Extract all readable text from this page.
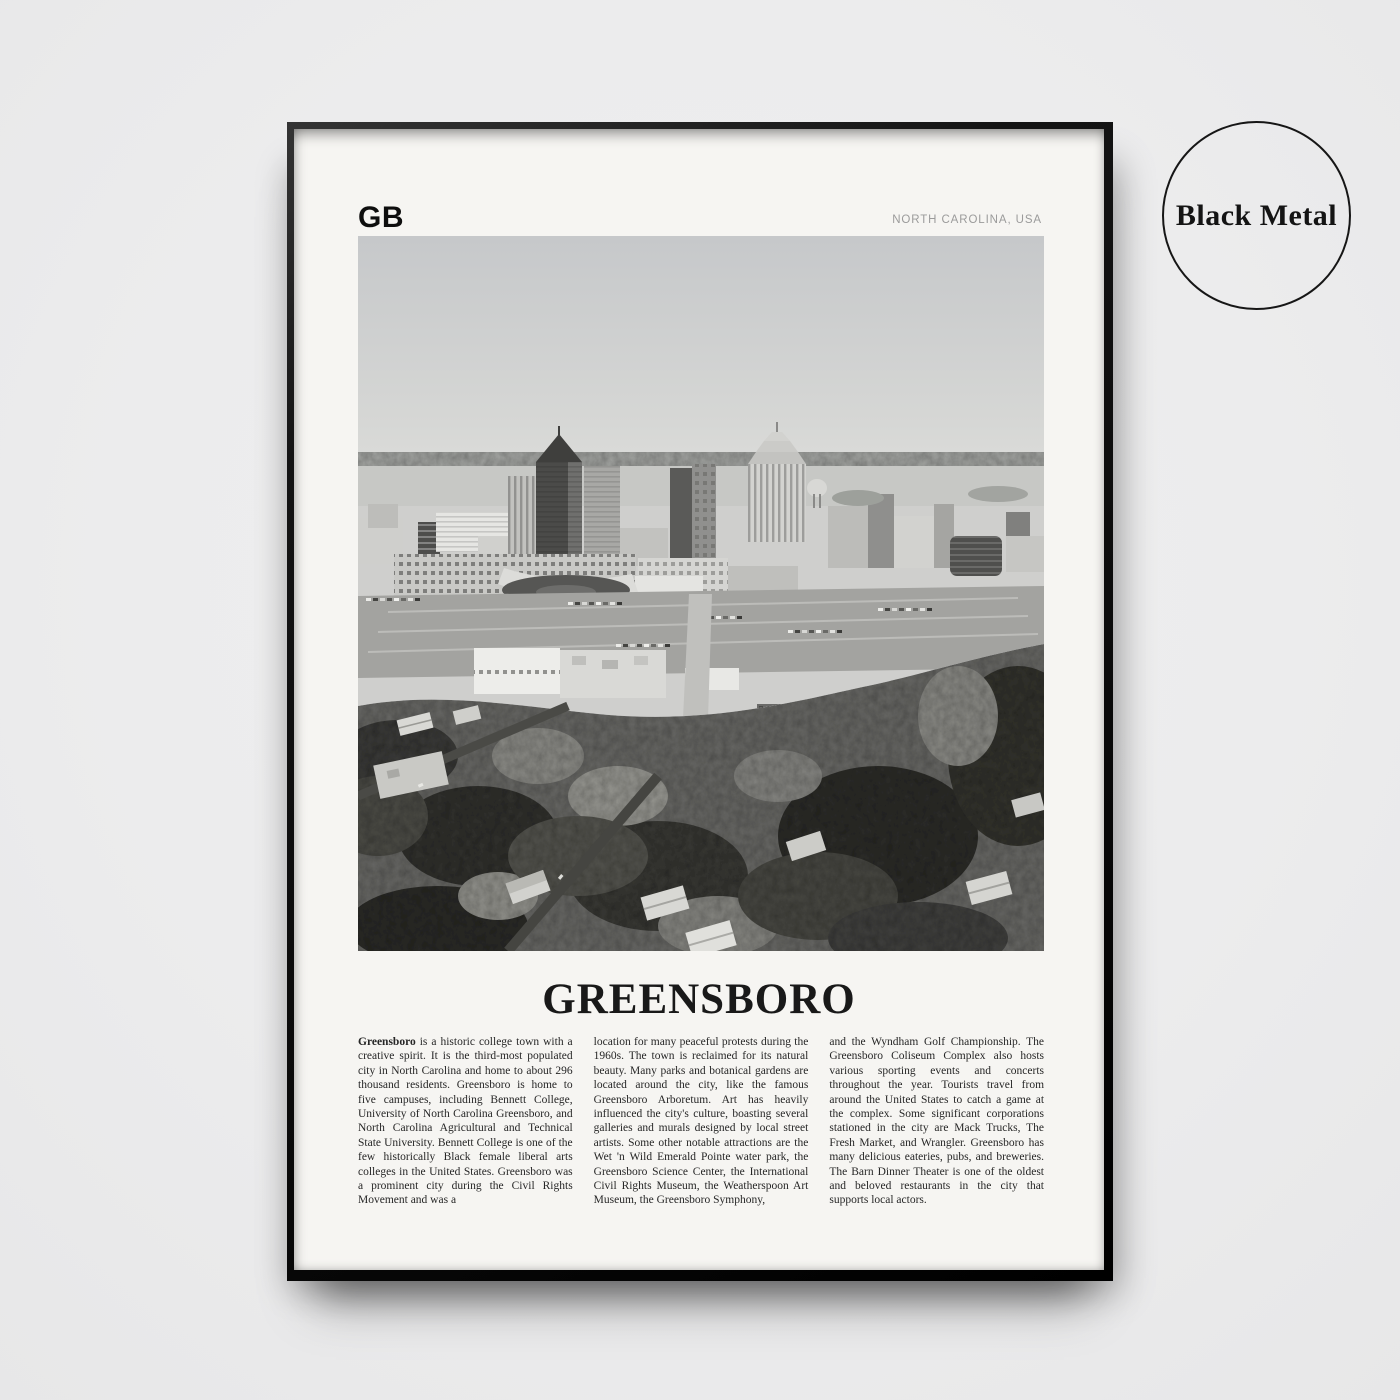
GB	NORTH CAROLINA, USA
GREENSBORO

Greensboro is a historic college town with a creative spirit. It is the third-most populated city in North Carolina and home to about 296 thousand residents. Greensboro is home to five campuses, including Bennett College, University of North Carolina Greensboro, and North Carolina Agricultural and Technical State University. Bennett College is one of the few historically Black female liberal arts colleges in the United States. Greensboro was a prominent city during the Civil Rights Movement and was a

location for many peaceful protests during the 1960s. The town is reclaimed for its natural beauty. Many parks and botanical gardens are located around the city, like the famous Greensboro Arboretum. Art has heavily influenced the city's culture, boasting several galleries and murals designed by local street artists. Some other notable attractions are the Wet 'n Wild Emerald Pointe water park, the Greensboro Science Center, the International Civil Rights Museum, the Weatherspoon Art Museum, the Greensboro Symphony,

and the Wyndham Golf Championship. The Greensboro Coliseum Complex also hosts various sporting events and concerts throughout the year. Tourists travel from around the United States to catch a game at the complex. Some significant corporations stationed in the city are Mack Trucks, The Fresh Market, and Wrangler. Greensboro has many delicious eateries, pubs, and breweries. The Barn Dinner Theater is one of the oldest and beloved restaurants in the city that supports local actors.

Black Metal
